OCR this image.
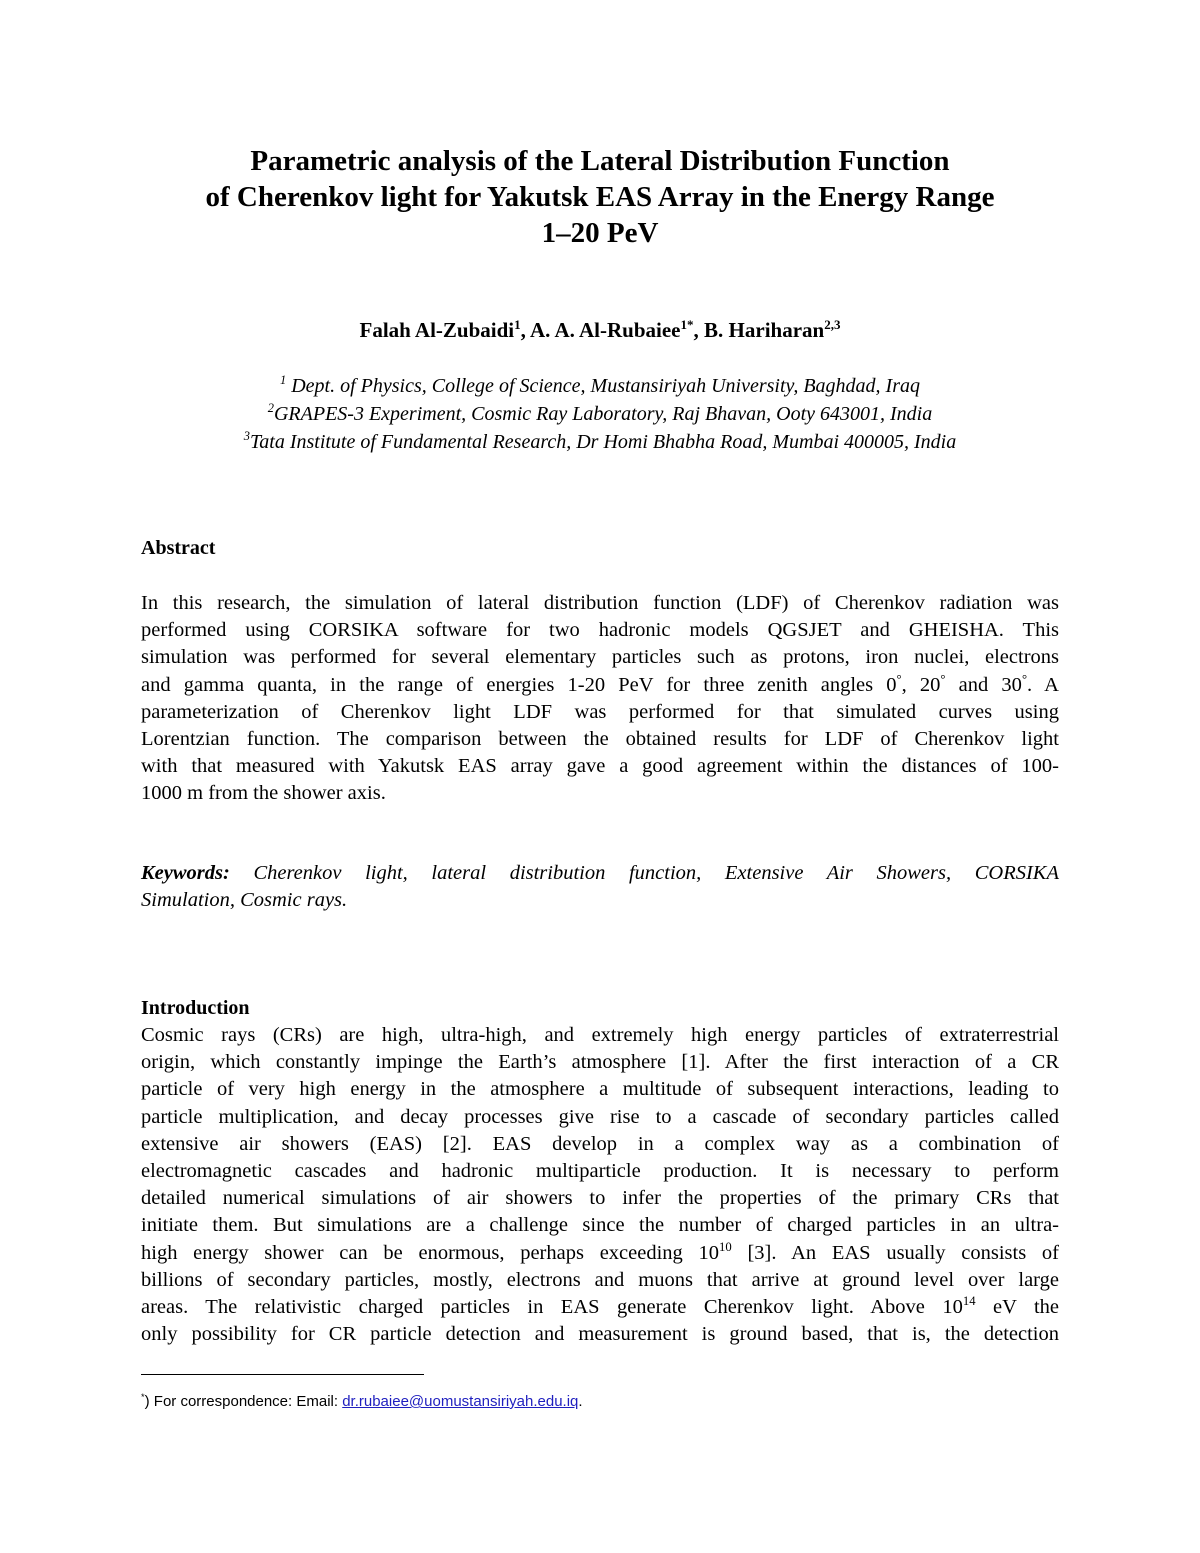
Parametric analysis of the Lateral Distribution Function
of Cherenkov light for Yakutsk EAS Array in the Energy Range
1–20 PeV
Falah Al-Zubaidi$^1$, A. A. Al-Rubaiee$^{1*}$, B. Hariharan$^{2,3}$
$^1$ Dept. of Physics, College of Science, Mustansiriyah University, Baghdad, Iraq
$^2$GRAPES-3 Experiment, Cosmic Ray Laboratory, Raj Bhavan, Ooty 643001, India
$^3$Tata Institute of Fundamental Research, Dr Homi Bhabha Road, Mumbai 400005, India
Abstract
In this research, the simulation of lateral distribution function (LDF) of Cherenkov radiation was
performed using CORSIKA software for two hadronic models QGSJET and GHEISHA. This
simulation was performed for several elementary particles such as protons, iron nuclei, electrons
and gamma quanta, in the range of energies 1-20 PeV for three zenith angles 0°, 20° and 30°. A
parameterization of Cherenkov light LDF was performed for that simulated curves using
Lorentzian function. The comparison between the obtained results for LDF of Cherenkov light
with that measured with Yakutsk EAS array gave a good agreement within the distances of 100-
1000 m from the shower axis.
Keywords: Cherenkov light, lateral distribution function, Extensive Air Showers, CORSIKA
Simulation, Cosmic rays.
Introduction
Cosmic rays (CRs) are high, ultra-high, and extremely high energy particles of extraterrestrial
origin, which constantly impinge the Earth’s atmosphere [1]. After the first interaction of a CR
particle of very high energy in the atmosphere a multitude of subsequent interactions, leading to
particle multiplication, and decay processes give rise to a cascade of secondary particles called
extensive air showers (EAS) [2]. EAS develop in a complex way as a combination of
electromagnetic cascades and hadronic multiparticle production. It is necessary to perform
detailed numerical simulations of air showers to infer the properties of the primary CRs that
initiate them. But simulations are a challenge since the number of charged particles in an ultra-
high energy shower can be enormous, perhaps exceeding $10^{10}$ [3]. An EAS usually consists of
billions of secondary particles, mostly, electrons and muons that arrive at ground level over large
areas. The relativistic charged particles in EAS generate Cherenkov light. Above $10^{14}$ eV the
only possibility for CR particle detection and measurement is ground based, that is, the detection
*) For correspondence: Email: dr.rubaiee@uomustansiriyah.edu.iq.
